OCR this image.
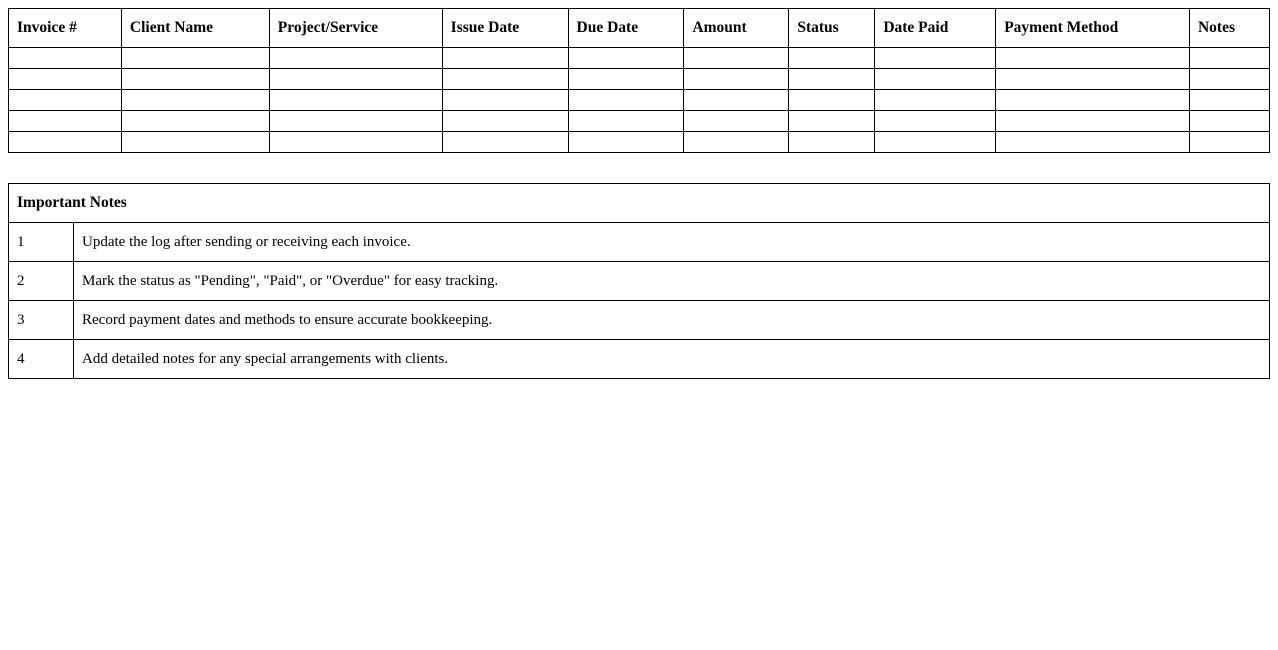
Invoice #	Client Name	Project/Service	Issue Date	Due Date	Amount	Status	Date Paid	Payment Method	Notes

Important Notes	
1	Update the log after sending or receiving each invoice.
2	Mark the status as "Pending", "Paid", or "Overdue" for easy tracking.
3	Record payment dates and methods to ensure accurate bookkeeping.
4	Add detailed notes for any special arrangements with clients.
